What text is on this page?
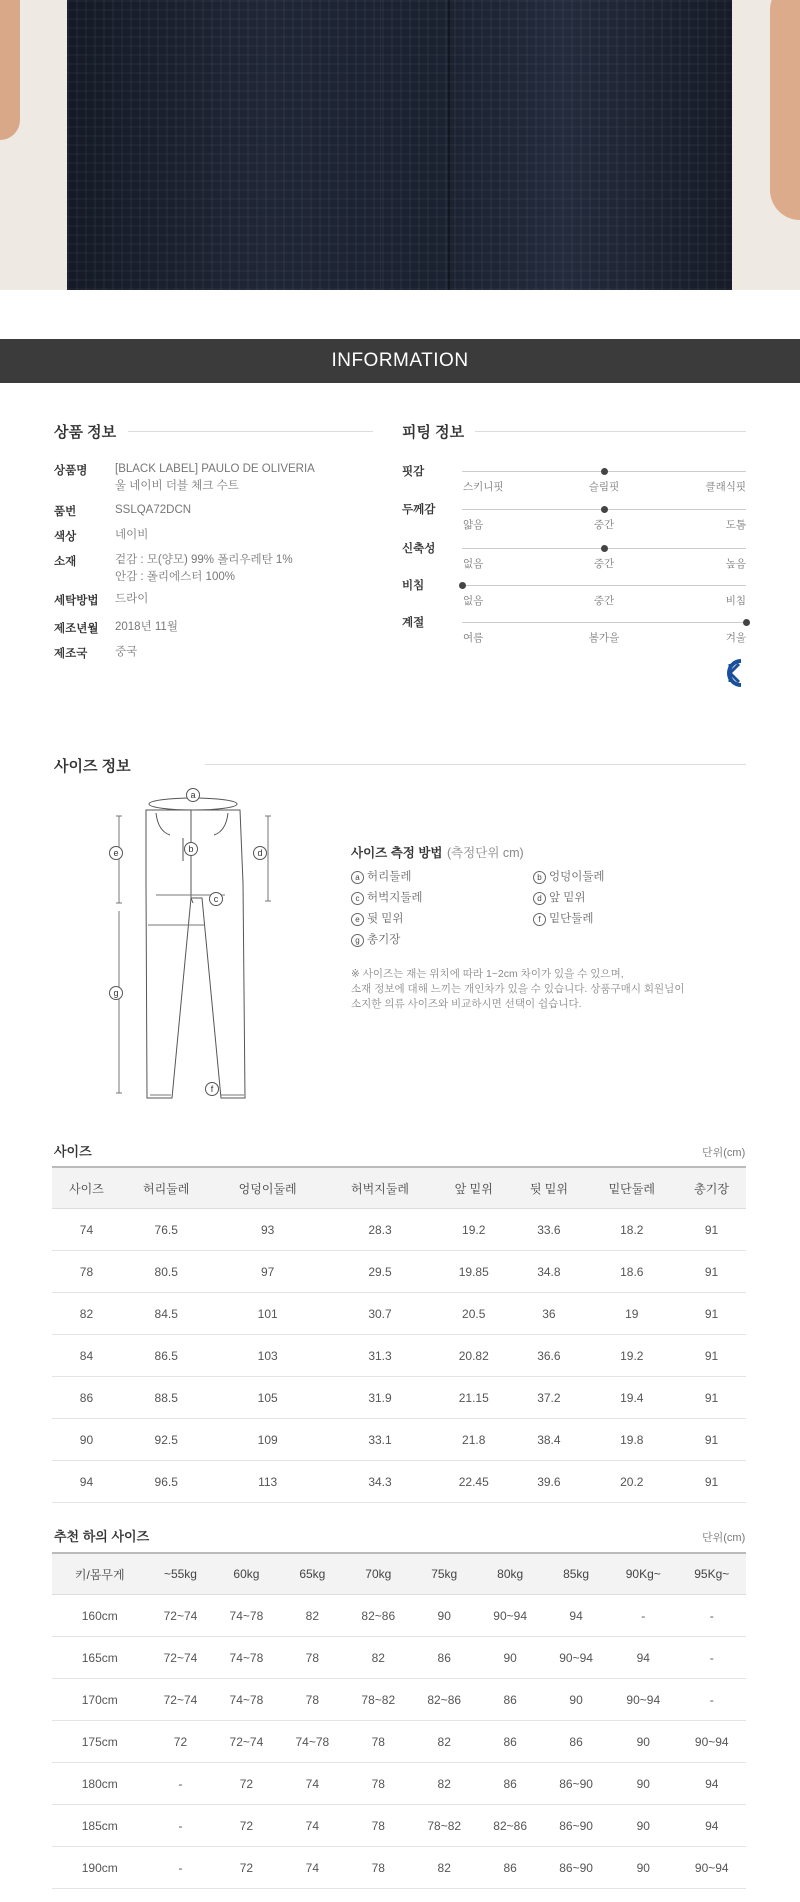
INFORMATION
상품 정보
상품명 [BLACK LABEL] PAULO DE OLIVERIA
울 네이비 더블 체크 수트
품번	SSLQA72DCN
색상	네이비
소재	겉감 : 모(양모) 99% 폴리우레탄 1%
안감 : 폴리에스터 100%
세탁방법 드라이
제조년월 2018년 11월
제조국 중국
피팅 정보
핏감
스키니핏	슬림핏	클래식핏
두께감
얇음	중간	도톰
신축성
없음	중간	높음
비침
없음	중간	비침
계절
여름	봄가을	겨울
사이즈 정보
a
b
c
d
e
f
g
사이즈 측정 방법 (측정단위 cm)
a 허리둘레	b 엉덩이둘레
c 허벅지둘레	d 앞 밑위
e 뒷 밑위	f 밑단둘레
g 총기장
※ 사이즈는 재는 위치에 따라 1~2cm 차이가 있을 수 있으며,
소재 정보에 대해 느끼는 개인차가 있을 수 있습니다. 상품구매시 회원님이
소지한 의류 사이즈와 비교하시면 선택이 쉽습니다.
사이즈	단위(cm)
사이즈	허리둘레	엉덩이둘레	허벅지둘레	앞 밑위	뒷 밑위	밑단둘레	총기장
74	76.5	93	28.3	19.2	33.6	18.2	91
78	80.5	97	29.5	19.85	34.8	18.6	91
82	84.5	101	30.7	20.5	36	19	91
84	86.5	103	31.3	20.82	36.6	19.2	91
86	88.5	105	31.9	21.15	37.2	19.4	91
90	92.5	109	33.1	21.8	38.4	19.8	91
94	96.5	113	34.3	22.45	39.6	20.2	91
추천 하의 사이즈	단위(cm)
키/몸무게	~55kg	60kg	65kg	70kg	75kg	80kg	85kg	90Kg~	95Kg~
160cm	72~74	74~78	82	82~86	90	90~94	94	-	-
165cm	72~74	74~78	78	82	86	90	90~94	94	-
170cm	72~74	74~78	78	78~82	82~86	86	90	90~94	-
175cm	72	72~74	74~78	78	82	86	86	90	90~94
180cm	-	72	74	78	82	86	86~90	90	94
185cm	-	72	74	78	78~82	82~86	86~90	90	94
190cm	-	72	74	78	82	86	86~90	90	90~94
